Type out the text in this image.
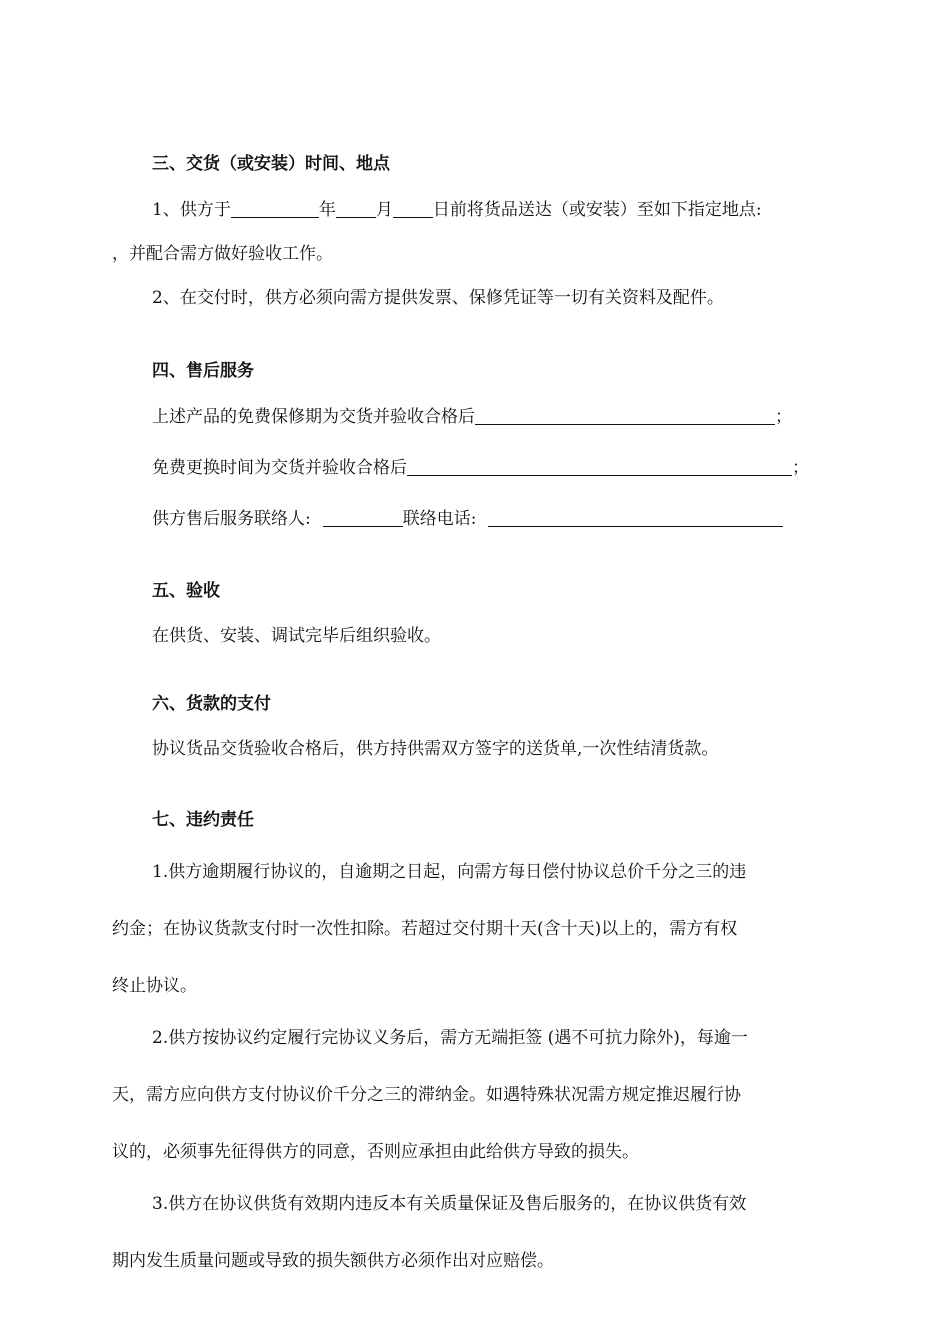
三、交货（或安装）时间、地点
1、供方于	年 月 日前将货品送达（或安装）至如下指定地点:
，并配合需方做好验收工作。
2、在交付时，供方必须向需方提供发票、保修凭证等一切有关资料及配件。
四、售后服务
上述产品的免费保修期为交货并验收合格后	；
免费更换时间为交货并验收合格后	；
供方售后服务联络人:	联络电话:
五、验收
在供货、安装、调试完毕后组织验收。
六、货款的支付
协议货品交货验收合格后，供方持供需双方签字的送货单,一次性结清货款。
七、违约责任
1.供方逾期履行协议的，自逾期之日起，向需方每日偿付协议总价千分之三的违
约金；在协议货款支付时一次性扣除。若超过交付期十天(含十天)以上的，需方有权
终止协议。
2.供方按协议约定履行完协议义务后，需方无端拒签 (遇不可抗力除外)，每逾一
天，需方应向供方支付协议价千分之三的滞纳金。如遇特殊状况需方规定推迟履行协
议的，必须事先征得供方的同意，否则应承担由此给供方导致的损失。
3.供方在协议供货有效期内违反本有关质量保证及售后服务的，在协议供货有效
期内发生质量问题或导致的损失额供方必须作出对应赔偿。
